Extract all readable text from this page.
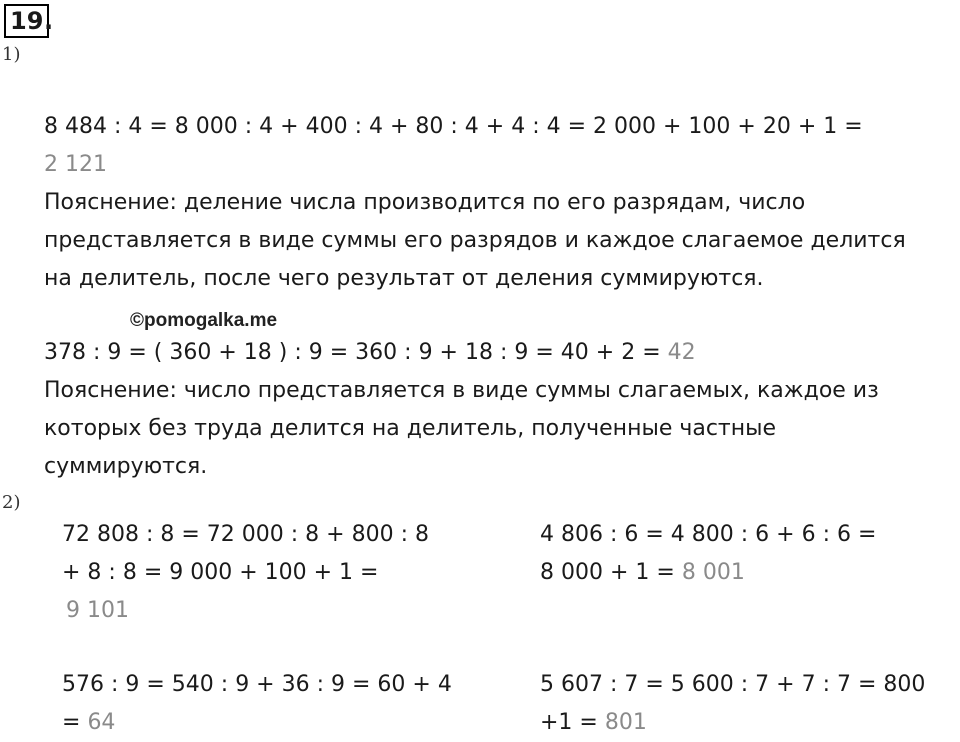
19 .
1)
8 484 : 4 = 8 000 : 4 + 400 : 4 + 80 : 4 + 4 : 4 = 2 000 + 100 + 20 + 1 =
2 121
Пояснение: деление числа производится по его разрядам, число
представляется в виде суммы его разрядов и каждое слагаемое делится
на делитель, после чего результат от деления суммируются.
©pomogalka.me
378 : 9 = ( 360 + 18 ) : 9 = 360 : 9 + 18 : 9 = 40 + 2 = 42
Пояснение: число представляется в виде суммы слагаемых, каждое из
которых без труда делится на делитель, полученные частные
суммируются.
2)
72 808 : 8 = 72 000 : 8 + 800 : 8
+ 8 : 8 = 9 000 + 100 + 1 =
9 101
4 806 : 6 = 4 800 : 6 + 6 : 6 =
8 000 + 1 = 8 001
576 : 9 = 540 : 9 + 36 : 9 = 60 + 4
= 64
5 607 : 7 = 5 600 : 7 + 7 : 7 = 800
+1 = 801
